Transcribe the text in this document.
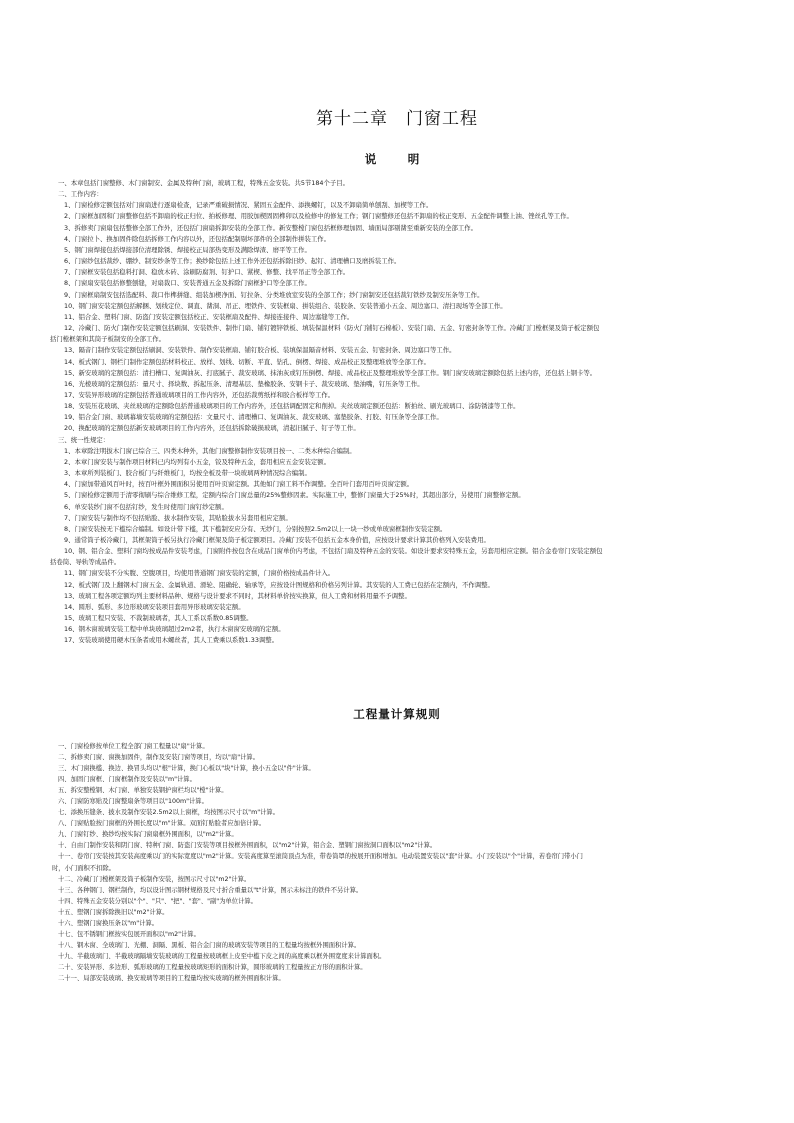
第十二章　门窗工程
说　明
一、本章包括门窗整修、木门窗制安、金属及特种门窗，玻璃工程，特殊五金安装。共5节184个子目。
二、工作内容：
1、门窗检修定额包括对门窗扇进行逐扇检查，记录严重破损情况、紧固五金配件、添换螺钉，以及不卸扇简单刨刮、加楔等工作。
2、门窗框加固和门窗整修包括不卸扇的校正归位、拍板修理、用胶加楔固固榫卯以及检修中的修复工作；钢门窗整修还包括不卸扇的校正变形、五金配件调整上油、锉丝孔等工作。
3、拆修卖门窗扇包括整修全部工作外，还包括门窗扇拆卸安装的全部工作。新安整樘门窗包括框修理加固、墙面局部剔凿至重新安装的全部工作。
4、门窗拉卜、换加固件除包括拆修工作内容以外，还包括配制剔坏部件的全部制作拼装工作。
5、钢门窗焊接包括焊接部位清理除锈、焊接校正局部热变形及满除焊渣、磨平等工作。
6、门窗纱包括裁纱、绷纱、制安纱条等工作；换纱除包括上述工作外还包括拆除旧纱、起钉、清理槽口及磨拆装工作。
7、门窗框安装包括稳料打洞、稳放木砖、涂刷防腐剂、钉护口、紧楔、修整、找平吊正等全部工作。
8、门窗扇安装包括修整刨缝，对扇裁口、安装普通五金及拆除门窗框护口等全部工作。
9、门窗框扇制安包括选配料、裁口作榫拼缝、组装加楔净面、钉拉条、分类堆放室安装的全部工作；纱门窗制安还包括裁钉铁纱及制安压条等工作。
10、钢门窗安装定额包括解捆、划线定位、调直、凿洞、吊正、埋铁件、安装框扇、拼装组合、装胶条、安装普通小五金、周边塞口、清扫现场等全部工作。
11、铝合金、塑料门窗、防盗门安装定额包括校正、安装框扇及配件、焊接连接件、周边塞缝等工作。
12、冷藏门、防火门制作安装定额包括刷洞、安装铁件、制作门扇、铺钉镀锌铁板、填装保温材料（防火门铺钉石棉板）、安装门扇、五金、钉密封条等工作。冷藏门门樘框架及筒子板定额包
括门樘框架和其筒子板制安的全部工作。
13、隔音门制作安装定额包括刷洞、安装铁件、制作安装框扇、铺钉胶合板、装填保温隔音材料、安装五金、钉密封条、周边塞口等工作。
14、板式钢门、钢栏门制作定额包括材料校正、放样、划线、切断、平直、钻孔、倒楞、焊接、成品校正及整理堆放等全部工作。
15、新安玻璃的定额包括：清扫槽口、复调油灰、打底腻子、裁安玻璃、抹油灰或钉压倒楞、焊接、成品校正及整理堆放等全部工作。钢门窗安玻璃定额除包括上述内容，还包括上钢卡等。
16、光棱玻璃的定额包括：量尺寸、择块数、拆起压条、清理基层、垫橡胶条、安钢卡子、裁安玻璃、垫油嘴，钉压条等工作。
17、安装异形玻璃的定额包括普通玻璃项目的工作内容外，还包括裁剪纸样和胶合板样等工作。
18、安装压花玻璃、夹丝玻璃的定额除包括普通玻璃项目的工作内容外，还包括调配固定和削掉。夹丝玻璃定额还包括：断拍丝、刷光玻璃口、涂防锈漆等工作。
19、铝合金门窗、玻璃幕墙安装玻璃的定额包括：文量尺寸、清理槽口、复调油灰、裁安玻璃、塞垫胶条、打胶、钉压条等全部工作。
20、换配玻璃的定额包括新安玻璃项目的工作内容外，还包括拆除破损玻璃，清起旧腻子、钉子等工作。
三、统一性规定：
1、本章除注明拔木门窗已综合三、四类木种外，其他门窗整修制作安装项目按一、二类木种综合编制。
2、本章门窗安装与制作项目材料已内均列有小五金，铰及特种五金，套用相应五金安装定额。
3、本章所列装板门、胶合板门与纤维板门，均按全板及带一块玻璃两种情况综合编制。
4、门窗加带通风百叶时，按百叶框外围面积另使用百叶页窗定额。其他如门窗工料不作调整。全百叶门套用百叶页窗定额。
5、门窗检修定额用于清零彻刷与综合维修工程，定额内综合门窗总量的25%整修因素。实际施工中，整修门窗量大于25%时，其超出部分，另使用门窗整修定额。
6、单安装纱门窗不包括钉纱，发生时使用门窗钉纱定额。
7、门窗安装与制作均不包括贴脸、拔水制作安装，其贴脸拔水另套用相应定额。
8、门窗安装按无下槛综合编制。如设计带下槛，其下槛制安应分有、无纱门，分别按照2.5m2以上一块一纱或单玻窗框制作安装定额。
9、通常筒子板冷藏门，其框架筒子板另执行冷藏门框架及筒子板定额项目。冷藏门安装不包括五金本身价值，应按设计要求计算其价格列入安装费用。
10、钢、铝合金、塑料门窗均按成品件安装考虑，门窗附件按包含在成品门窗单价内考虑，不包括门扇及特种五金的安装。如设计要求安特殊五金，另套用相应定额。铝合金卷帘门安装定额包
括卷筒、导轨等成品件。
11、钢门窗安装不分实腹、空腹项目，均使用普通钢门窗安装的定额，门窗价格按成品件计入。
12、板式钢门及上翻钢木门窗五金、金属轨道、滑轮、阻确轮、轴承等，应按设计图规格和价格另列计算。其安装的人工费已包括在定额内，不作调整。
13、玻璃工程各项定额均列主要材料品种、规格与设计要求不同时，其材料单价按实换算，但人工费和材料用量不予调整。
14、圆形、弧形、多边形玻璃安装项目套用异形玻璃安装定额。
15、玻璃工程只安装、不裁制玻璃者，其人工系以系数0.85调整。
16、钢木窗玻璃安装工程中单块玻璃超过2m2者，执行木窗窗安玻璃的定额。
17、安装玻璃使用硬木压条者或用木螺丝者，其人工费乘以系数1.33调整。
工程量计算规则
一、门窗检修按单位工程全部门窗工程量以"扇"计算。
二、拆修卖门窗、窗换加固件，制作及安装门窗等项目，均以"扇"计算。
三、木门窗换槛、换边、换冒头均以"根"计算，换门心板以"块"计算，换小五金以"件"计算。
四、加固门窗框、门窗框制作及安装以"m"计算。
五、拆安整樘钢、木门窗、单独安装钢护窗栏均以"樘"计算。
六、门窗防寒贴及门窗整扇条等项目以"100m"计算。
七、添换压缝条、披水及制作安装2.5m2以上窗框，均按图示尺寸以"m"计算。
八、门窗贴脸按门窗框的外围长度以"m"计算。双面钉贴脸者应加倍计算。
九、门窗钉纱、换纱均按实际门窗扇框外围面积，以"m2"计算。
十、自由门制作安装和阴门窗、特种门窗、防盗门安装等项目按框外围面积，以"m2"计算，铝合金、塑钢门窗按洞口面积以"m2"计算。
十一、卷帘门安装按其安装高度乘以门的实际宽度以"m2"计算。安装高度算至滚筒顶点为准，带卷筒罩的按展开面积增加。电动装置安装以"套"计算。小门安装以"个"计算，若卷帘门带小门
时，小门面积不扣除。
十二、冷藏门门樘框架及筒子板制作安装，按图示尺寸以"m2"计算。
十三、各种钢门、钢栏制作，均以设计图示钢材规格及尺寸折合重量以"t"计算，图示未标注的铁件不另计算。
十四、特殊五金安装分别以"个"、"只"、"把"、"套"、"副"为单位计算。
十五、塑钢门窗拆除换旧以"m2"计算。
十六、塑钢门窗换压条以"m"计算。
十七、包不锈钢门框按实包展开面积以"m2"计算。
十八、钢木窗、全玻璃门、光棚、洞隔、黑板、铝合金门窗的玻璃安装等项目的工程量均按框外围面积计算。
十九、半截玻璃门、半截玻璃隔墙安装玻璃的工程量按玻璃框上皮至中槛下皮之间的高度乘以框外围宽度来计算面积。
二十、安装异形、多边形、弧形玻璃的工程量按玻璃矩形的面积计算，圆形玻璃的工程量按正方形的面积计算。
二十一、局部安装玻璃、换安玻璃等项目的工程量均按实玻璃的框外围面积计算。
